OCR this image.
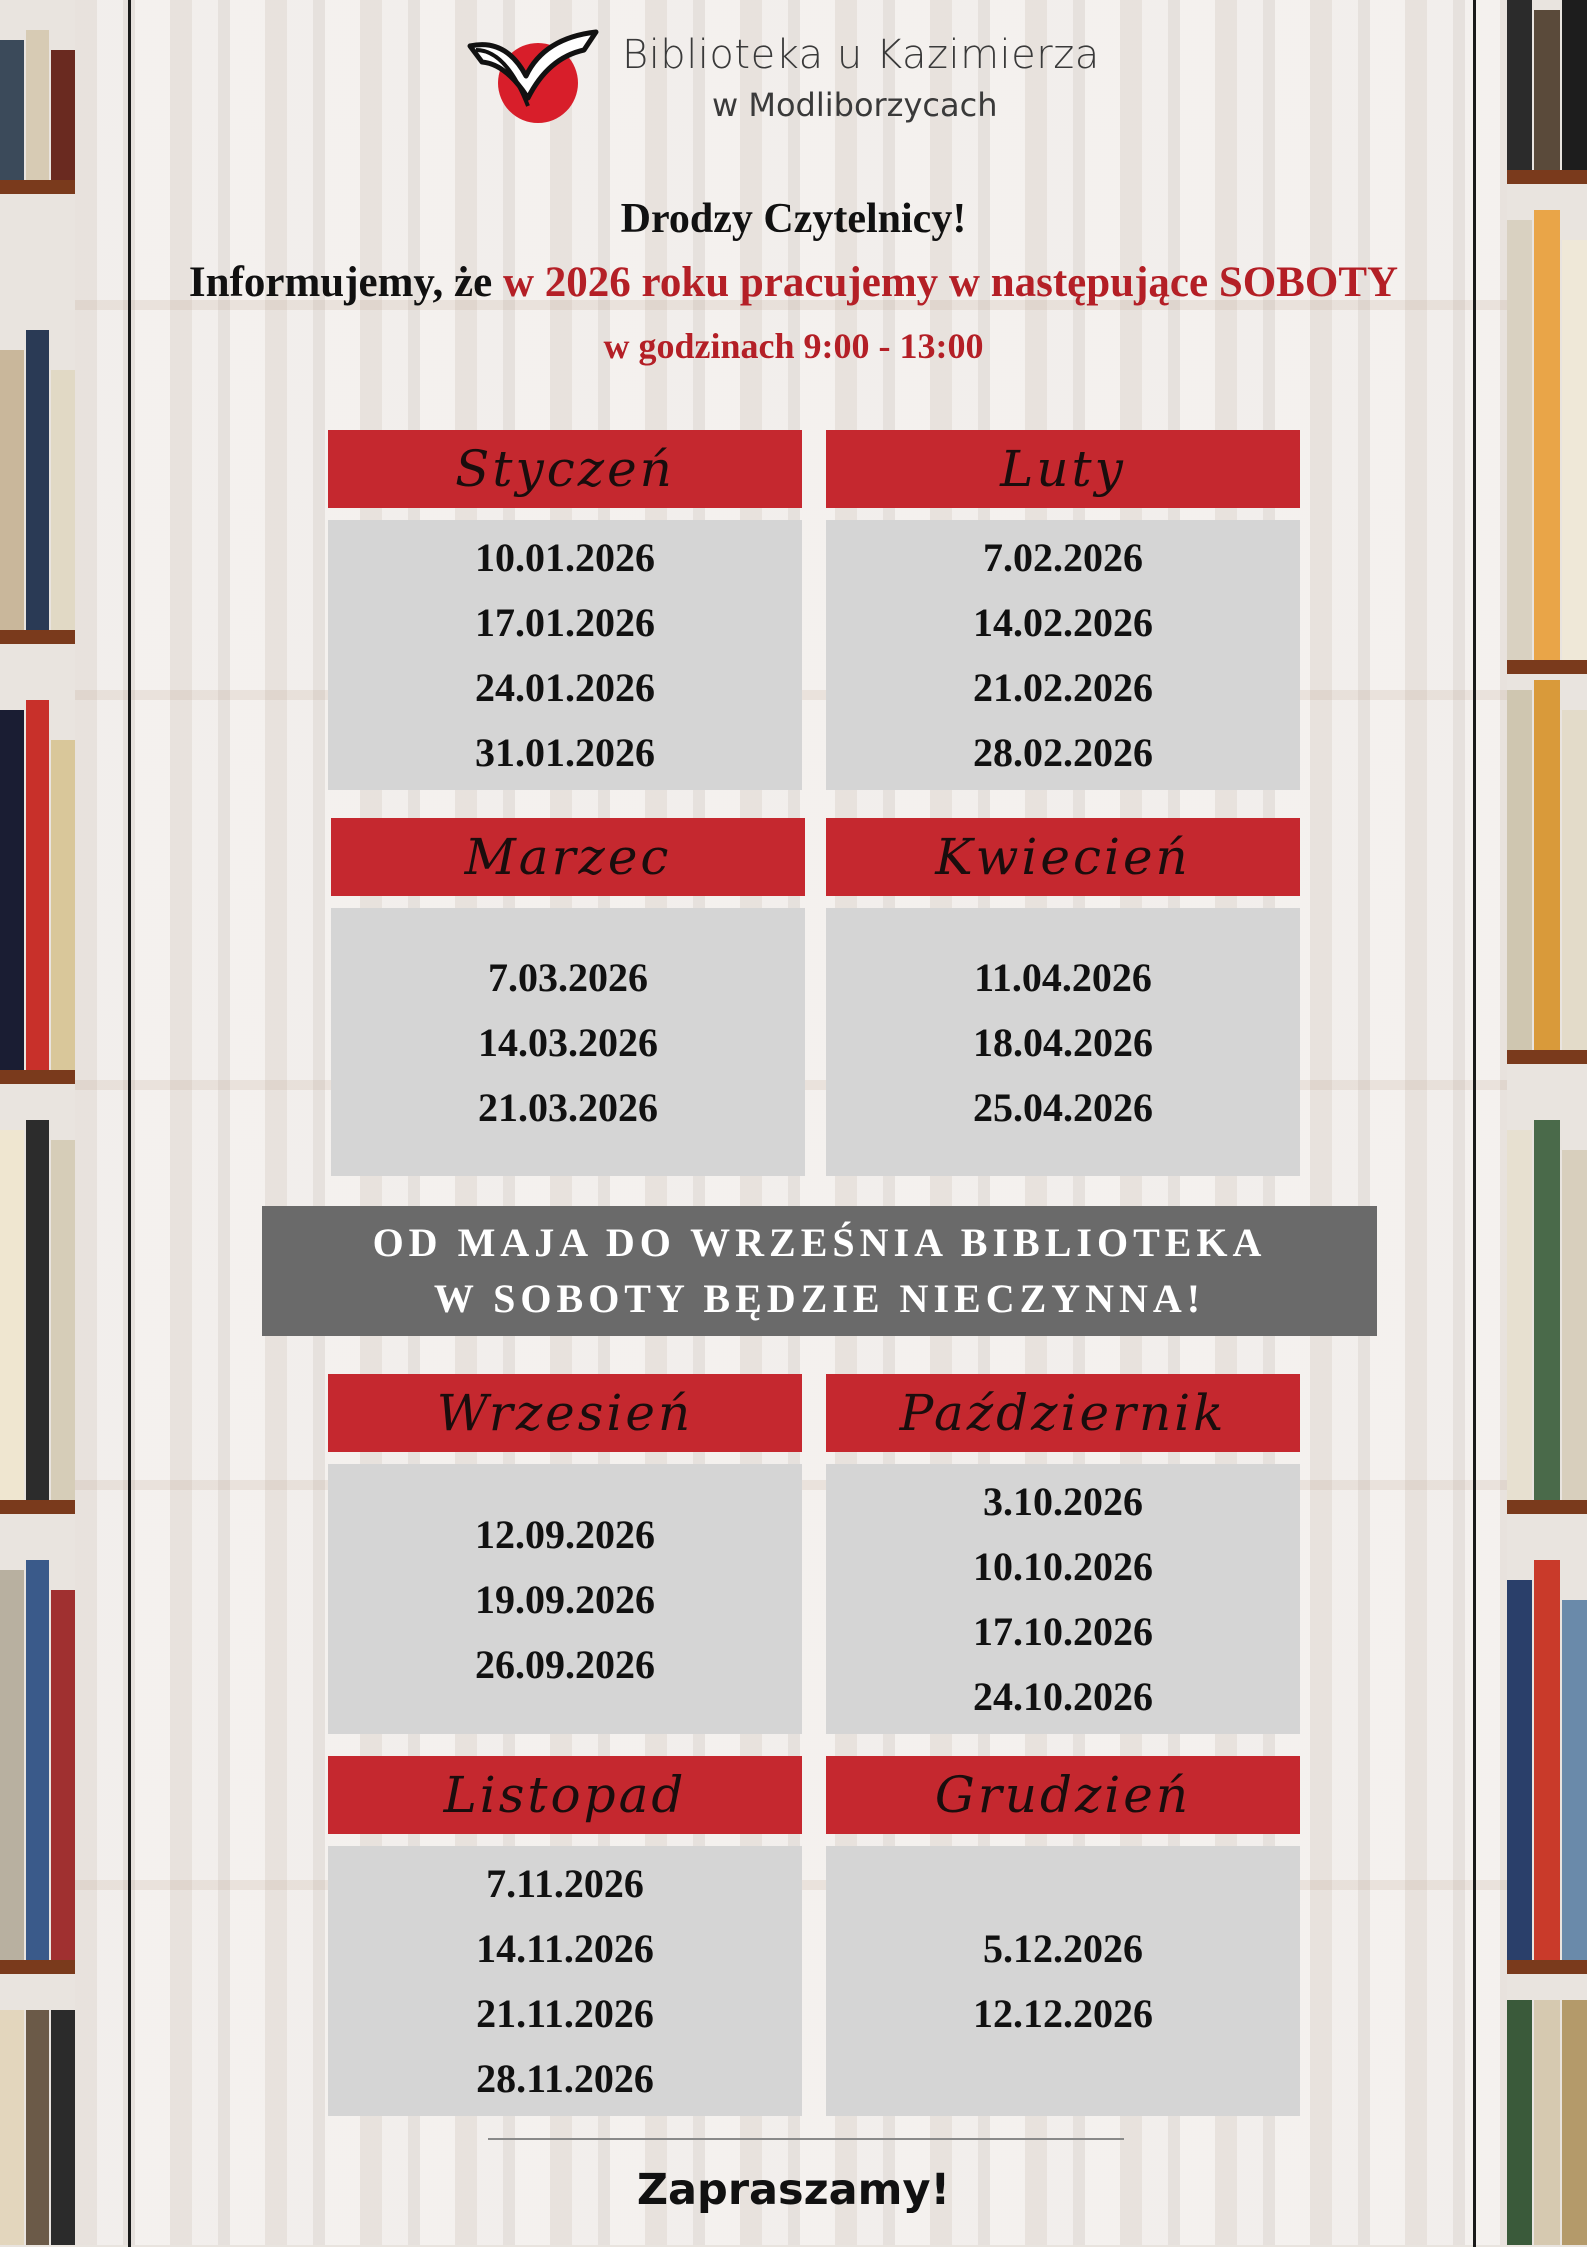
Biblioteka u Kazimierza
w Modliborzycach
Drodzy Czytelnicy!
Informujemy, że w 2026 roku pracujemy w następujące SOBOTY
w godzinach 9:00 - 13:00
Styczeń
10.01.2026
17.01.2026
24.01.2026
31.01.2026
Luty
7.02.2026
14.02.2026
21.02.2026
28.02.2026
Marzec
7.03.2026
14.03.2026
21.03.2026
Kwiecień
11.04.2026
18.04.2026
25.04.2026
OD MAJA DO WRZEŚNIA BIBLIOTEKA
W SOBOTY BĘDZIE NIECZYNNA!
Wrzesień
12.09.2026
19.09.2026
26.09.2026
Październik
3.10.2026
10.10.2026
17.10.2026
24.10.2026
Listopad
7.11.2026
14.11.2026
21.11.2026
28.11.2026
Grudzień
5.12.2026
12.12.2026
Zapraszamy!
